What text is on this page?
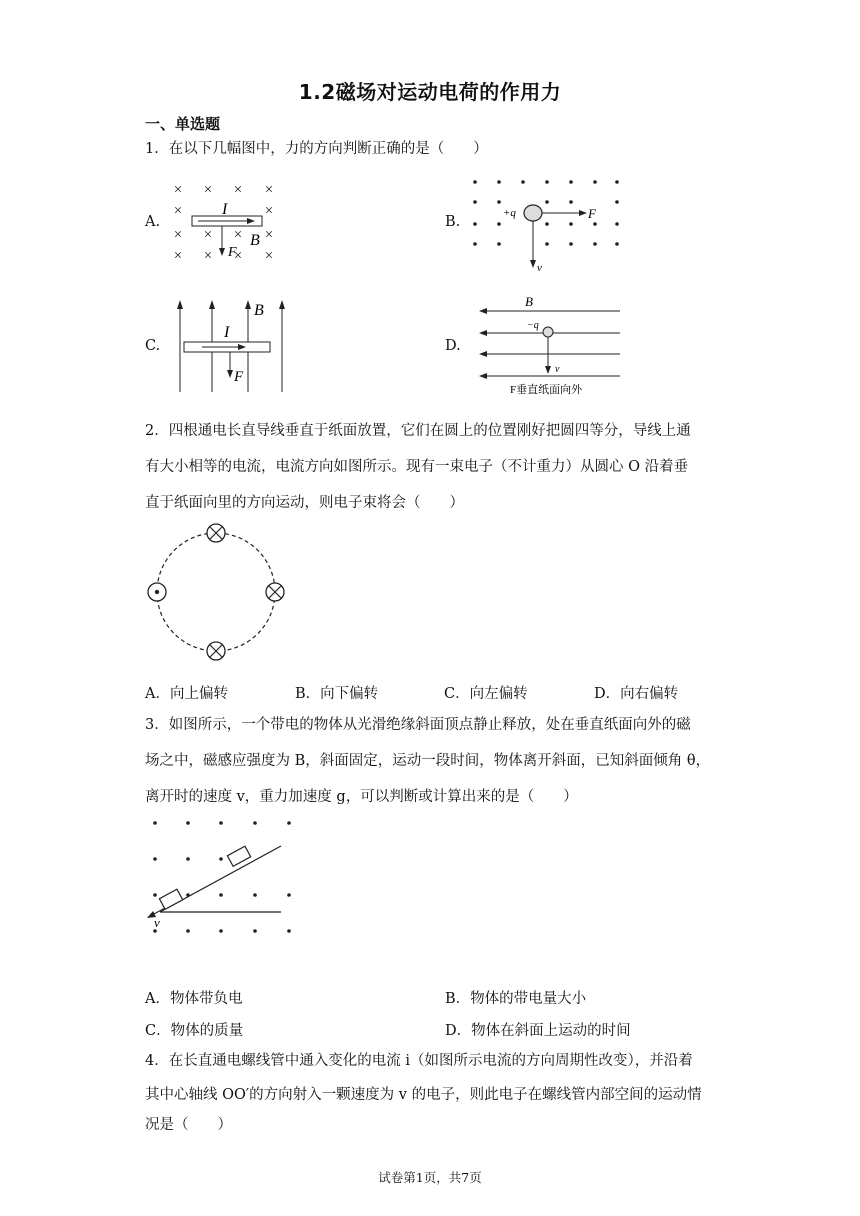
1.2磁场对运动电荷的作用力
一、单选题
1．在以下几幅图中，力的方向判断正确的是（　　）
A.	B.
C.	D.
× × × ×
×	×
× × × ×
× × × ×
I
B
F
+q	F
v
I
B
F
B
−q
v
F垂直纸面向外
2．四根通电长直导线垂直于纸面放置，它们在圆上的位置刚好把圆四等分，导线上通
有大小相等的电流，电流方向如图所示。现有一束电子（不计重力）从圆心 O 沿着垂
直于纸面向里的方向运动，则电子束将会（　　）
A．向上偏转	B．向下偏转	C．向左偏转	D．向右偏转
3．如图所示，一个带电的物体从光滑绝缘斜面顶点静止释放，处在垂直纸面向外的磁
场之中，磁感应强度为 B，斜面固定，运动一段时间，物体离开斜面，已知斜面倾角 θ，
离开时的速度 v，重力加速度 g，可以判断或计算出来的是（　　）
v
A．物体带负电	B．物体的带电量大小
C．物体的质量	D．物体在斜面上运动的时间
4．在长直通电螺线管中通入变化的电流 i（如图所示电流的方向周期性改变），并沿着
其中心轴线 OO′的方向射入一颗速度为 v 的电子，则此电子在螺线管内部空间的运动情
况是（　　）
试卷第1页，共7页
